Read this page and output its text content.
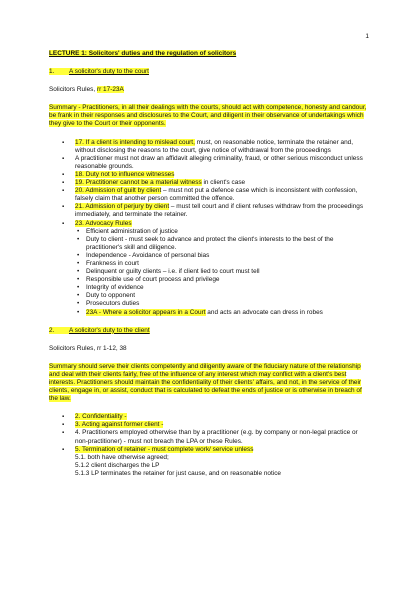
1

LECTURE 1: Solicitors' duties and the regulation of solicitors

1. A solicitor's duty to the court

Solicitors Rules, rr 17-23A

Summary - Practitioners, in all their dealings with the courts, should act with competence, honesty and candour, be frank in their responses and disclosures to the Court, and diligent in their observance of undertakings which they give to the Court or their opponents.

▪ 17. If a client is intending to mislead court, must, on reasonable notice, terminate the retainer and, without disclosing the reasons to the court, give notice of withdrawal from the proceedings
▪ A practitioner must not draw an affidavit alleging criminality, fraud, or other serious misconduct unless reasonable grounds.
▪ 18. Duty not to influence witnesses
▪ 19. Practitioner cannot be a material witness in client's case
▪ 20. Admission of guilt by client – must not put a defence case which is inconsistent with confession, falsely claim that another person committed the offence.
▪ 21. Admission of perjury by client – must tell court and if client refuses withdraw from the proceedings immediately, and terminate the retainer.
▪ 23. Advocacy Rules
• Efficient administration of justice
• Duty to client - must seek to advance and protect the client's interests to the best of the practitioner's skill and diligence.
• Independence - Avoidance of personal bias
• Frankness in court
• Delinquent or guilty clients – i.e. if client lied to court must tell
• Responsible use of court process and privilege
• Integrity of evidence
• Duty to opponent
• Prosecutors duties
• 23A - Where a solicitor appears in a Court and acts an advocate can dress in robes

2. A solicitor's duty to the client

Solicitors Rules, rr 1-12, 38

Summary should serve their clients competently and diligently aware of the fiduciary nature of the relationship and deal with their clients fairly, free of the influence of any interest which may conflict with a client's best interests. Practitioners should maintain the confidentiality of their clients' affairs, and not, in the service of their clients, engage in, or assist, conduct that is calculated to defeat the ends of justice or is otherwise in breach of the law.

▪ 2. Confidentiality -
▪ 3. Acting against former client -
▪ 4. Practitioners employed otherwise than by a practitioner (e.g. by company or non-legal practice or non-practitioner) - must not breach the LPA or these Rules.
▪ 5. Termination of retainer - must complete work/ service unless
5.1. both have otherwise agreed;
5.1.2 client discharges the LP
5.1.3 LP terminates the retainer for just cause, and on reasonable notice
